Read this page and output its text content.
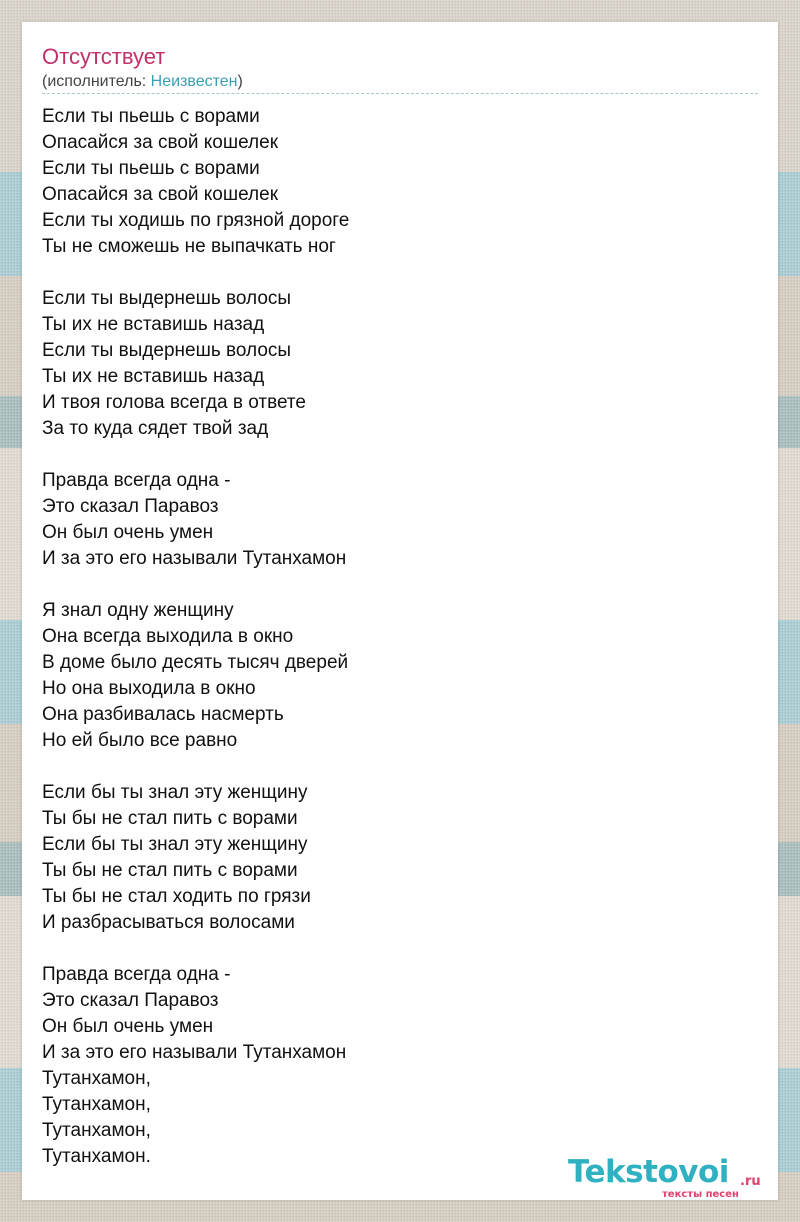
Отсутствует
(исполнитель: Неизвестен)
Если ты пьешь с ворами
Опасайся за свой кошелек
Если ты пьешь с ворами
Опасайся за свой кошелек
Если ты ходишь по грязной дороге
Ты не сможешь не выпачкать ног
Если ты выдернешь волосы
Ты их не вставишь назад
Если ты выдернешь волосы
Ты их не вставишь назад
И твоя голова всегда в ответе
За то куда сядет твой зад
Правда всегда одна -
Это сказал Паравоз
Он был очень умен
И за это его называли Тутанхамон
Я знал одну женщину
Она всегда выходила в окно
В доме было десять тысяч дверей
Но она выходила в окно
Она разбивалась насмерть
Но ей было все равно
Если бы ты знал эту женщину
Ты бы не стал пить с ворами
Если бы ты знал эту женщину
Ты бы не стал пить с ворами
Ты бы не стал ходить по грязи
И разбрасываться волосами
Правда всегда одна -
Это сказал Паравоз
Он был очень умен
И за это его называли Тутанхамон
Тутанхамон,
Тутанхамон,
Тутанхамон,
Тутанхамон.	Tekstovoi .ru
тексты песен
